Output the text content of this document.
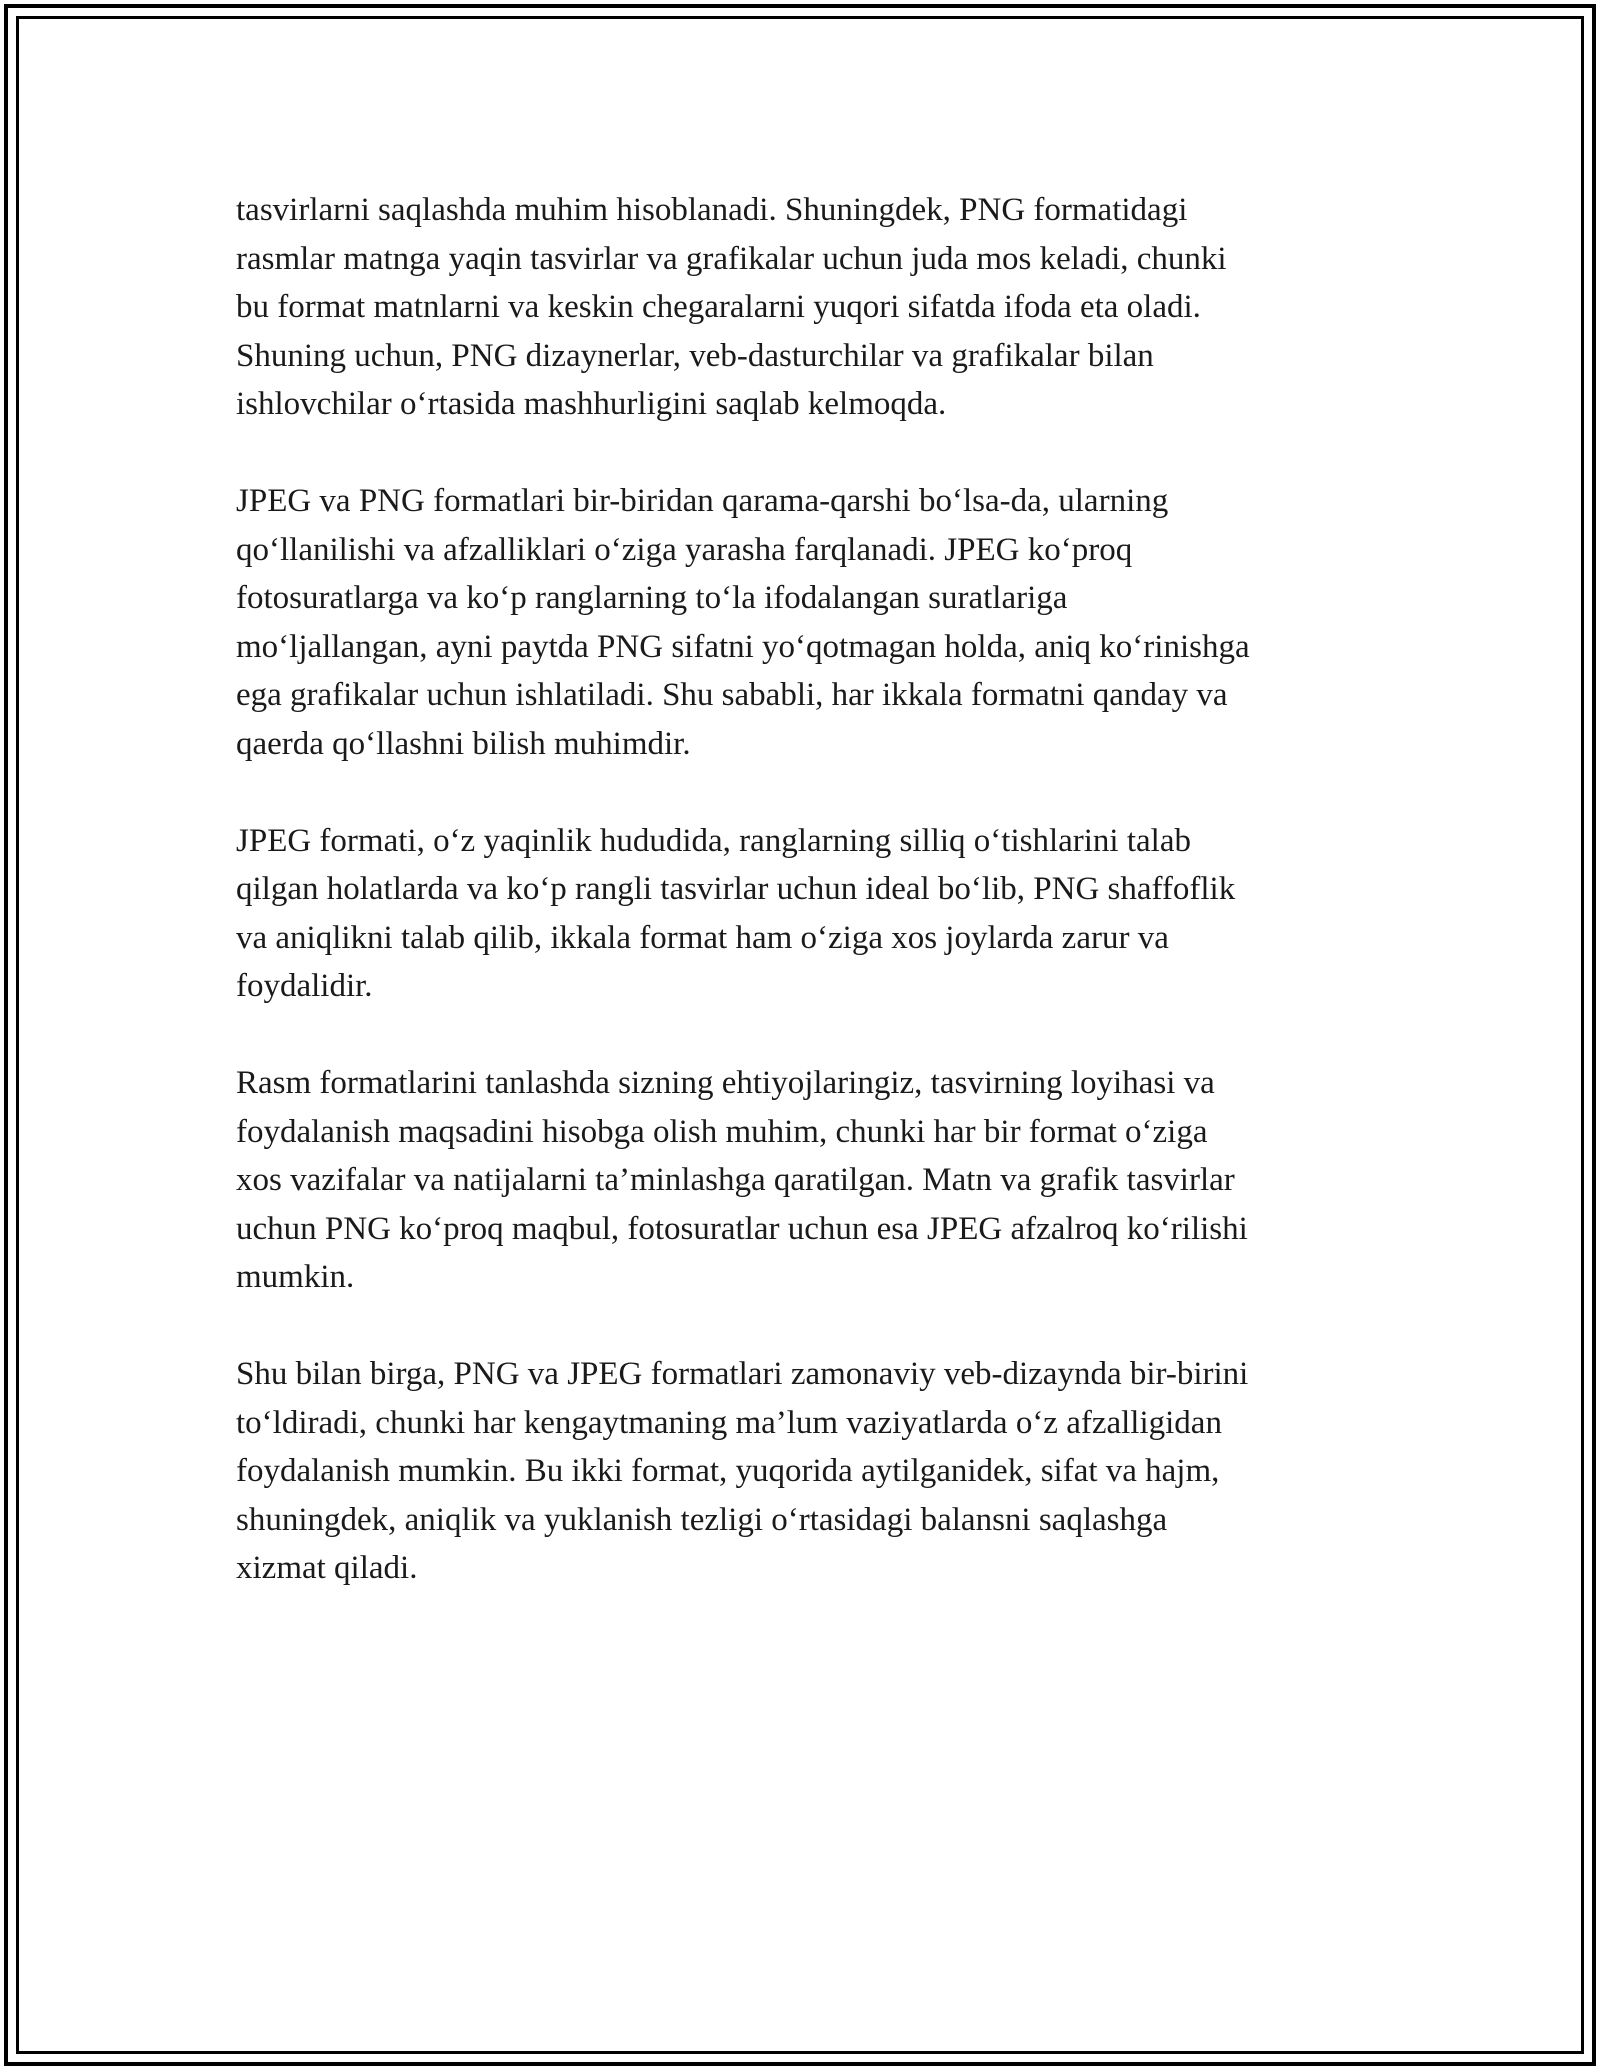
tasvirlarni saqlashda muhim hisoblanadi. Shuningdek, PNG formatidagi
rasmlar matnga yaqin tasvirlar va grafikalar uchun juda mos keladi, chunki
bu format matnlarni va keskin chegaralarni yuqori sifatda ifoda eta oladi.
Shuning uchun, PNG dizaynerlar, veb-dasturchilar va grafikalar bilan
ishlovchilar o‘rtasida mashhurligini saqlab kelmoqda.

JPEG va PNG formatlari bir-biridan qarama-qarshi bo‘lsa-da, ularning
qo‘llanilishi va afzalliklari o‘ziga yarasha farqlanadi. JPEG ko‘proq
fotosuratlarga va ko‘p ranglarning to‘la ifodalangan suratlariga
mo‘ljallangan, ayni paytda PNG sifatni yo‘qotmagan holda, aniq ko‘rinishga
ega grafikalar uchun ishlatiladi. Shu sababli, har ikkala formatni qanday va
qaerda qo‘llashni bilish muhimdir.

JPEG formati, o‘z yaqinlik hududida, ranglarning silliq o‘tishlarini talab
qilgan holatlarda va ko‘p rangli tasvirlar uchun ideal bo‘lib, PNG shaffoflik
va aniqlikni talab qilib, ikkala format ham o‘ziga xos joylarda zarur va
foydalidir.

Rasm formatlarini tanlashda sizning ehtiyojlaringiz, tasvirning loyihasi va
foydalanish maqsadini hisobga olish muhim, chunki har bir format o‘ziga
xos vazifalar va natijalarni ta’minlashga qaratilgan. Matn va grafik tasvirlar
uchun PNG ko‘proq maqbul, fotosuratlar uchun esa JPEG afzalroq ko‘rilishi
mumkin.

Shu bilan birga, PNG va JPEG formatlari zamonaviy veb-dizaynda bir-birini
to‘ldiradi, chunki har kengaytmaning ma’lum vaziyatlarda o‘z afzalligidan
foydalanish mumkin. Bu ikki format, yuqorida aytilganidek, sifat va hajm,
shuningdek, aniqlik va yuklanish tezligi o‘rtasidagi balansni saqlashga
xizmat qiladi.
